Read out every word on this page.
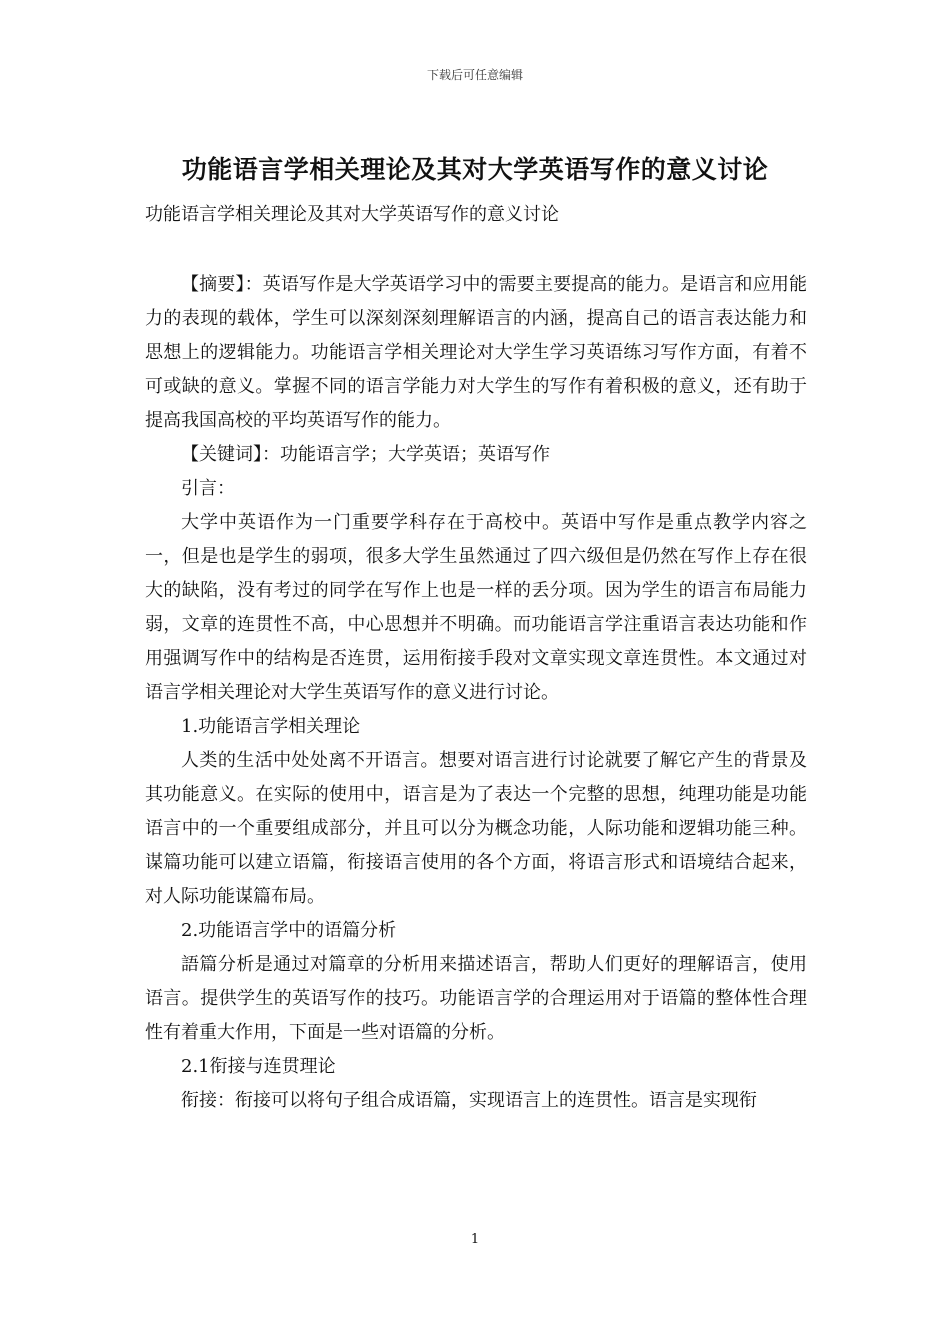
下载后可任意编辑
功能语言学相关理论及其对大学英语写作的意义讨论
功能语言学相关理论及其对大学英语写作的意义讨论

【摘要】：英语写作是大学英语学习中的需要主要提高的能力。是语言和应用能力的表现的载体，学生可以深刻深刻理解语言的内涵，提高自己的语言表达能力和思想上的逻辑能力。功能语言学相关理论对大学生学习英语练习写作方面，有着不可或缺的意义。掌握不同的语言学能力对大学生的写作有着积极的意义，还有助于提高我国高校的平均英语写作的能力。

【关键词】：功能语言学；大学英语；英语写作

引言：

大学中英语作为一门重要学科存在于高校中。英语中写作是重点教学内容之一，但是也是学生的弱项，很多大学生虽然通过了四六级但是仍然在写作上存在很大的缺陷，没有考过的同学在写作上也是一样的丢分项。因为学生的语言布局能力弱，文章的连贯性不高，中心思想并不明确。而功能语言学注重语言表达功能和作用强调写作中的结构是否连贯，运用衔接手段对文章实现文章连贯性。本文通过对语言学相关理论对大学生英语写作的意义进行讨论。

1.功能语言学相关理论

人类的生活中处处离不开语言。想要对语言进行讨论就要了解它产生的背景及其功能意义。在实际的使用中，语言是为了表达一个完整的思想，纯理功能是功能语言中的一个重要组成部分，并且可以分为概念功能，人际功能和逻辑功能三种。谋篇功能可以建立语篇，衔接语言使用的各个方面，将语言形式和语境结合起来，对人际功能谋篇布局。

2.功能语言学中的语篇分析

語篇分析是通过对篇章的分析用来描述语言，帮助人们更好的理解语言，使用语言。提供学生的英语写作的技巧。功能语言学的合理运用对于语篇的整体性合理性有着重大作用，下面是一些对语篇的分析。

2.1衔接与连贯理论

衔接：衔接可以将句子组合成语篇，实现语言上的连贯性。语言是实现衔

1
